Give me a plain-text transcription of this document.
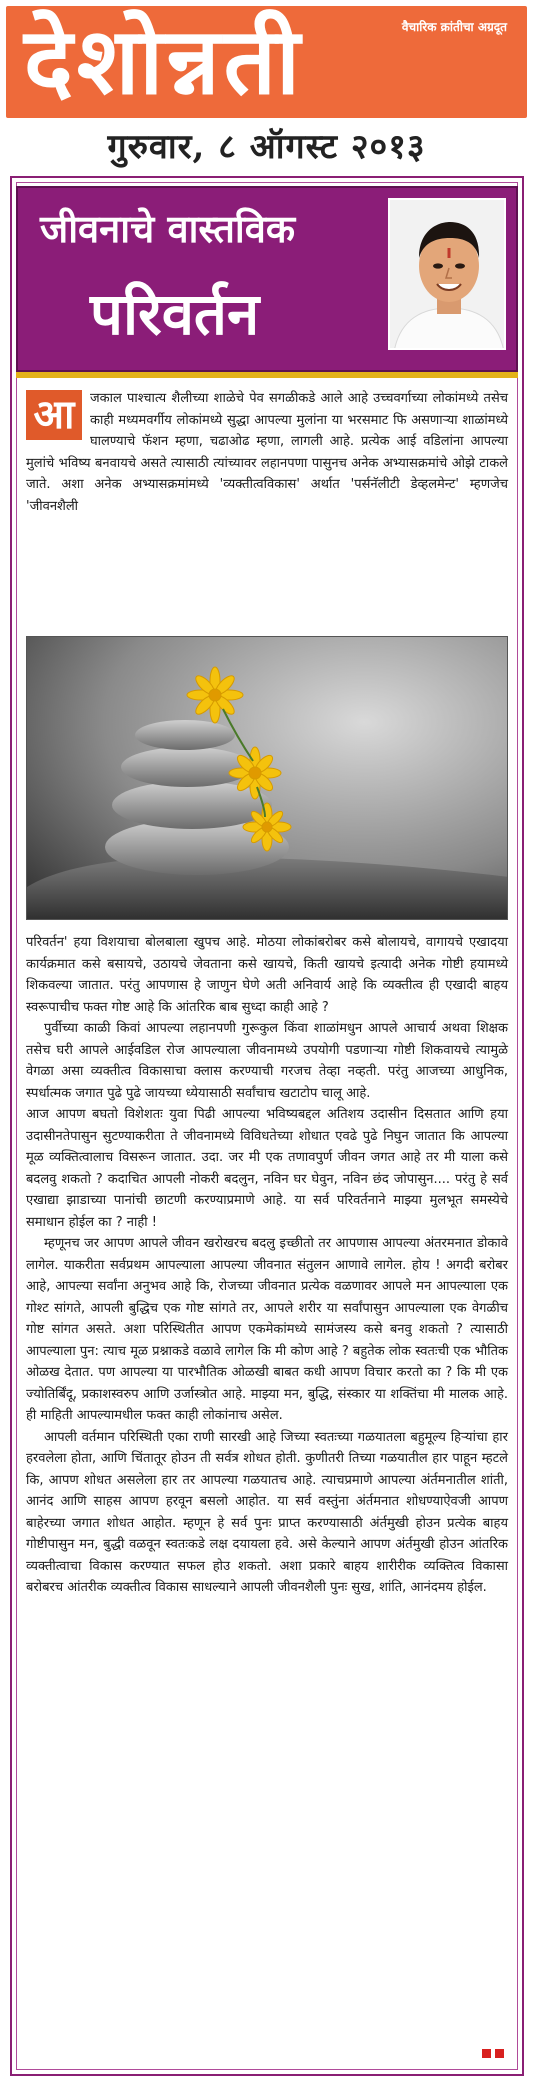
देशोन्नती	वैचारिक क्रांतीचा अग्रदूत
गुरुवार, ८ ऑगस्ट २०१३
जीवनाचे वास्तविक
परिवर्तन
आ	जकाल पाश्चात्य शैलीच्या शाळेचे पेव सगळीकडे आले आहे उच्चवर्गाच्या लोकांमध्ये तसेच काही मध्यमवर्गीय लोकांमध्ये सुद्धा आपल्या मुलांना या भरसमाट फि असणाऱ्या शाळांमध्ये घालण्याचे फॅशन म्हणा, चढाओढ म्हणा, लागली आहे. प्रत्येक आई वडिलांना आपल्या मुलांचे भविष्य बनवायचे असते त्यासाठी त्यांच्यावर लहानपणा पासुनच अनेक अभ्यासक्रमांचे ओझे टाकले जाते. अशा अनेक अभ्यासक्रमांमध्ये 'व्यक्तीत्वविकास' अर्थात 'पर्सनॅलीटी डेव्हलमेन्ट' म्हणजेच 'जीवनशैली

परिवर्तन' हया विशयाचा बोलबाला खुपच आहे. मोठया लोकांबरोबर कसे बोलायचे, वागायचे एखादया कार्यक्रमात कसे बसायचे, उठायचे जेवताना कसे खायचे, किती खायचे इत्यादी अनेक गोष्टी हयामध्ये शिकवल्या जातात. परंतु आपणास हे जाणुन घेणे अती अनिवार्य आहे कि व्यक्तीत्व ही एखादी बाहय स्वरूपाचीच फक्त गोष्ट आहे कि आंतरिक बाब सुध्दा काही आहे ?

पुर्वीच्या काळी किवां आपल्या लहानपणी गुरूकुल किंवा शाळांमधुन आपले आचार्य अथवा शिक्षक तसेच घरी आपले आईवडिल रोज आपल्याला जीवनामध्ये उपयोगी पडणाऱ्या गोष्टी शिकवायचे त्यामुळे वेगळा असा व्यक्तीत्व विकासाचा क्लास करण्याची गरजच तेव्हा नव्हती. परंतु आजच्या आधुनिक, स्पर्धात्मक जगात पुढे पुढे जायच्या ध्येयासाठी सर्वांचाच खटाटोप चालू आहे.

आज आपण बघतो विशेशतः युवा पिढी आपल्या भविष्यबद्दल अतिशय उदासीन दिसतात आणि हया उदासीनतेपासुन सुटण्याकरीता ते जीवनामध्ये विविधतेच्या शोधात एवढे पुढे निघुन जातात कि आपल्या मूळ व्यक्तित्वालाच विसरून जातात. उदा. जर मी एक तणावपुर्ण जीवन जगत आहे तर मी याला कसे बदलवु शकतो ? कदाचित आपली नोकरी बदलुन, नविन घर घेवुन, नविन छंद जोपासुन.... परंतु हे सर्व एखाद्या झाडाच्या पानांची छाटणी करण्याप्रमाणे आहे. या सर्व परिवर्तनाने माझ्या मुलभूत समस्येचे समाधान होईल का ? नाही !

म्हणूनच जर आपण आपले जीवन खरोखरच बदलु इच्छीतो तर आपणास आपल्या अंतरमनात डोकावे लागेल. याकरीता सर्वप्रथम आपल्याला आपल्या जीवनात संतुलन आणावे लागेल. होय ! अगदी बरोबर आहे, आपल्या सर्वांना अनुभव आहे कि, रोजच्या जीवनात प्रत्येक वळणावर आपले मन आपल्याला एक गोश्ट सांगते, आपली बुद्धिच एक गोष्ट सांगते तर, आपले शरीर या सर्वांपासुन आपल्याला एक वेगळीच गोष्ट सांगत असते. अशा परिस्थितीत आपण एकमेकांमध्ये सामंजस्य कसे बनवु शकतो ? त्यासाठी आपल्याला पुन: त्याच मूळ प्रश्नाकडे वळावे लागेल कि मी कोण आहे ? बहुतेक लोक स्वतःची एक भौतिक ओळख देतात. पण आपल्या या पारभौतिक ओळखी बाबत कधी आपण विचार करतो का ? कि मी एक ज्योतिर्बिंदू, प्रकाशस्वरुप आणि उर्जास्त्रोत आहे. माझ्या मन, बुद्धि, संस्कार या शक्तिंचा मी मालक आहे. ही माहिती आपल्यामधील फक्त काही लोकांनाच असेल.

आपली वर्तमान परिस्थिती एका राणी सारखी आहे जिच्या स्वतःच्या गळयातला बहुमूल्य हिऱ्यांचा हार हरवलेला होता, आणि चिंतातूर होउन ती सर्वत्र शोधत होती. कुणीतरी तिच्या गळयातील हार पाहून म्हटले कि, आपण शोधत असलेला हार तर आपल्या गळयातच आहे. त्याचप्रमाणे आपल्या अंर्तमनातील शांती, आनंद आणि साहस आपण हरवून बसलो आहोत. या सर्व वस्तुंना अंर्तमनात शोधण्याऐवजी आपण बाहेरच्या जगात शोधत आहोत. म्हणून हे सर्व पुनः प्राप्त करण्यासाठी अंर्तमुखी होउन प्रत्येक बाहय गोष्टीपासुन मन, बुद्धी वळवून स्वतःकडे लक्ष दयायला हवे. असे केल्याने आपण अंर्तमुखी होउन आंतरिक व्यक्तीत्वाचा विकास करण्यात सफल होउ शकतो. अशा प्रकारे बाहय शारीरीक व्यक्तित्व विकासा बरोबरच आंतरीक व्यक्तीत्व विकास साधल्याने आपली जीवनशैली पुनः सुख, शांति, आनंदमय होईल.
